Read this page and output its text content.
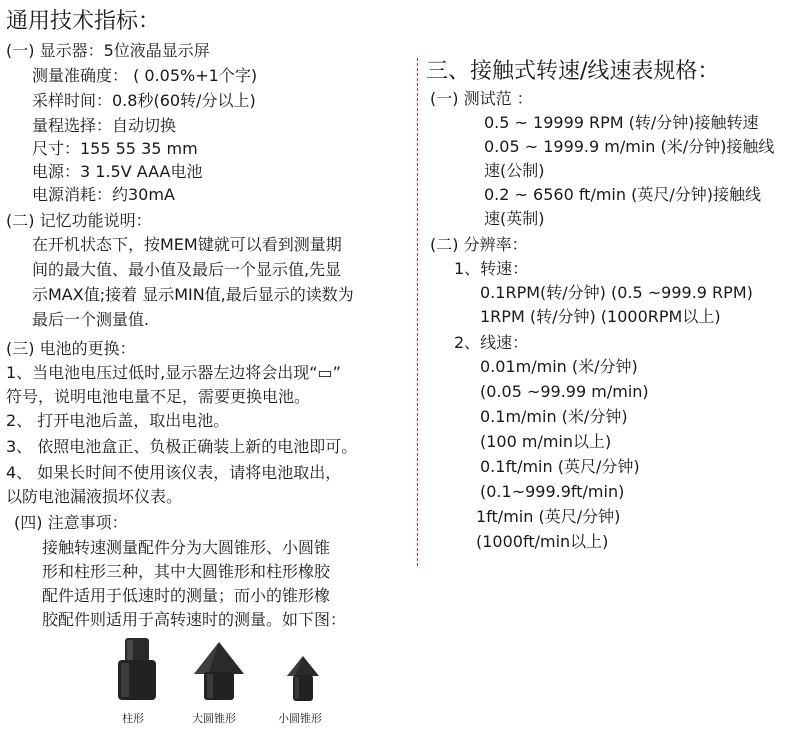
通用技术指标：
(一) 显示器：5位液晶显示屏
测量准确度： ( 0.05%+1个字)
采样时间：0.8秒(60转/分以上)
量程选择：自动切换
尺寸：155 55 35 mm
电源：3 1.5V AAA电池
电源消耗：约30mA
(二) 记忆功能说明：
在开机状态下，按MEM键就可以看到测量期
间的最大值、最小值及最后一个显示值,先显
示MAX值;接着 显示MIN值,最后显示的读数为
最后一个测量值.
(三) 电池的更换：
1、当电池电压过低时,显示器左边将会出现“▭”
符号，说明电池电量不足，需要更换电池。
2、 打开电池后盖，取出电池。
3、 依照电池盒正、负极正确装上新的电池即可。
4、 如果长时间不使用该仪表，请将电池取出，
以防电池漏液损坏仪表。
(四) 注意事项：
接触转速测量配件分为大圆锥形、小圆锥
形和柱形三种，其中大圆锥形和柱形橡胶
配件适用于低速时的测量；而小的锥形橡
胶配件则适用于高转速时的测量。如下图：
柱形	大圆锥形	小圆锥形
三、接触式转速/线速表规格：
(一) 测试范 ：
0.5 ~ 19999 RPM (转/分钟)接触转速
0.05 ~ 1999.9 m/min (米/分钟)接触线
速(公制)
0.2 ~ 6560 ft/min (英尺/分钟)接触线
速(英制)
(二) 分辨率：
1、转速：
0.1RPM(转/分钟) (0.5 ~999.9 RPM)
1RPM (转/分钟) (1000RPM以上)
2、线速：
0.01m/min (米/分钟)
(0.05 ~99.99 m/min)
0.1m/min (米/分钟)
(100 m/min以上)
0.1ft/min (英尺/分钟)
(0.1~999.9ft/min)
1ft/min (英尺/分钟)
(1000ft/min以上)
